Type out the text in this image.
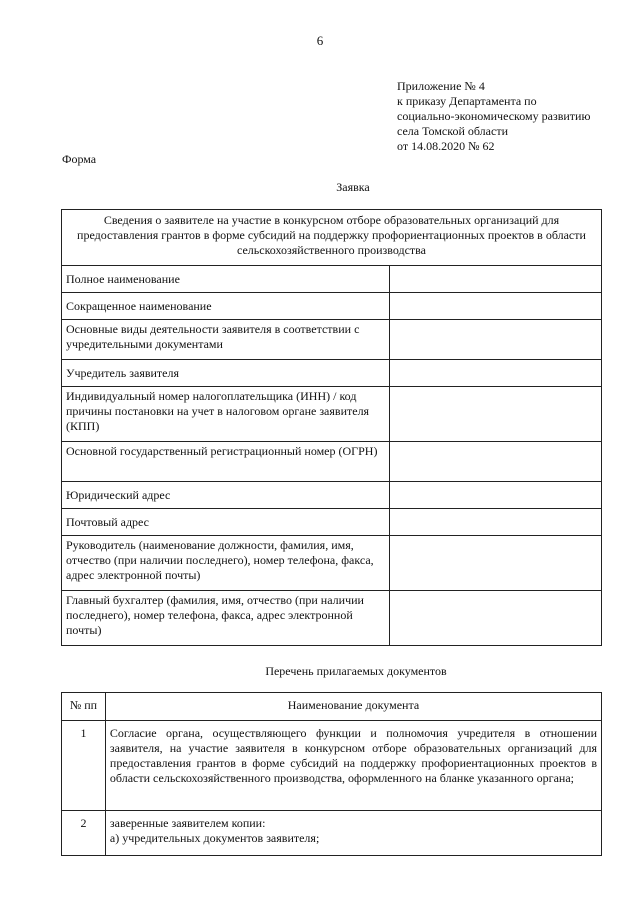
6
Приложение № 4
к приказу Департамента по
социально-экономическому развитию
села Томской области
от 14.08.2020 № 62
Форма
Заявка
Сведения о заявителе на участие в конкурсном отборе образовательных организаций для предоставления грантов в форме субсидий на поддержку профориентационных проектов в области сельскохозяйственного производства	
Полное наименование	
Сокращенное наименование	
Основные виды деятельности заявителя в соответствии с учредительными документами	
Учредитель заявителя	
Индивидуальный номер налогоплательщика (ИНН) / код причины постановки на учет в налоговом органе заявителя (КПП)	
Основной государственный регистрационный номер (ОГРН)	
Юридический адрес	
Почтовый адрес	
Руководитель (наименование должности, фамилия, имя, отчество (при наличии последнего), номер телефона, факса, адрес электронной почты)	
Главный бухгалтер (фамилия, имя, отчество (при наличии последнего), номер телефона, факса, адрес электронной почты)	
Перечень прилагаемых документов
№ пп	Наименование документа
1	Согласие органа, осуществляющего функции и полномочия учредителя в отношении заявителя, на участие заявителя в конкурсном отборе образовательных организаций для предоставления грантов в форме субсидий на поддержку профориентационных проектов в области сельскохозяйственного производства, оформленного на бланке указанного органа;
2	заверенные заявителем копии:
а) учредительных документов заявителя;
